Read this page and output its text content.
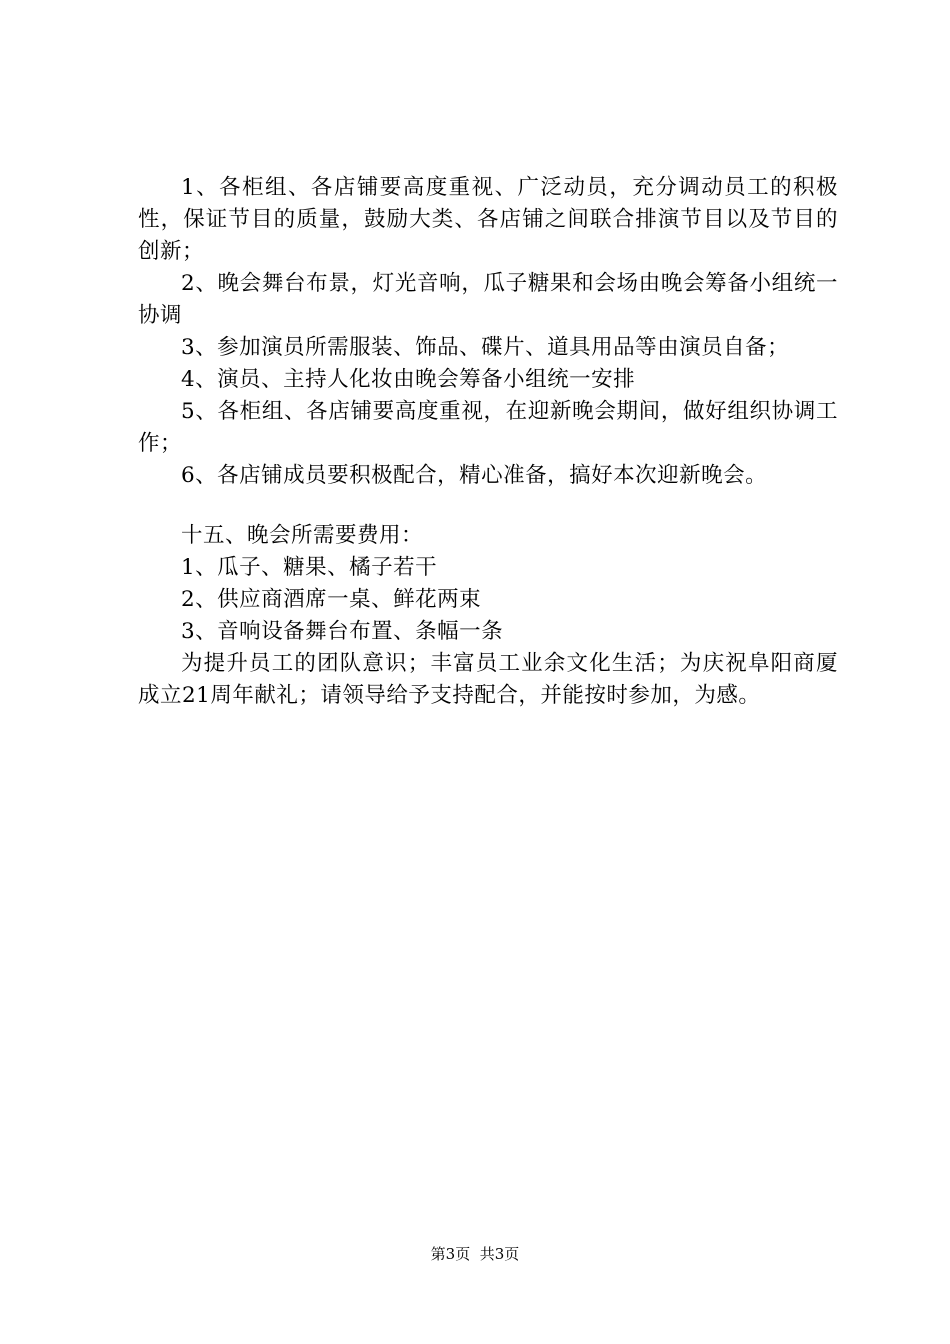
1、各柜组、各店铺要高度重视、广泛动员，充分调动员工的积极性，保证节目的质量，鼓励大类、各店铺之间联合排演节目以及节目的创新；

2、晚会舞台布景，灯光音响，瓜子糖果和会场由晚会筹备小组统一协调

3、参加演员所需服装、饰品、碟片、道具用品等由演员自备；

4、演员、主持人化妆由晚会筹备小组统一安排

5、各柜组、各店铺要高度重视，在迎新晚会期间，做好组织协调工作；

6、各店铺成员要积极配合，精心准备，搞好本次迎新晚会。

十五、晚会所需要费用：

1、瓜子、糖果、橘子若干

2、供应商酒席一桌、鲜花两束

3、音响设备舞台布置、条幅一条

为提升员工的团队意识；丰富员工业余文化生活；为庆祝阜阳商厦成立21周年献礼；请领导给予支持配合，并能按时参加，为感。

第3页 共3页
